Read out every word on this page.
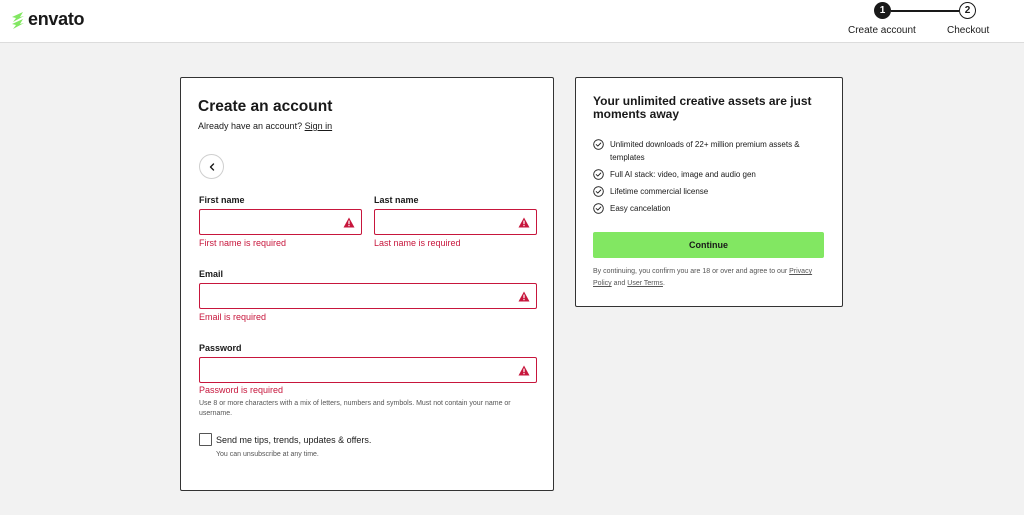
envato	1	2
Create account	Checkout
Create an account
Already have an account? Sign in
First name
First name is required
Last name
Last name is required
Email
Email is required
Password
Password is required
Use 8 or more characters with a mix of letters, numbers and symbols. Must not contain your name or username.
Send me tips, trends, updates & offers.
You can unsubscribe at any time.
Your unlimited creative assets are just moments away
Unlimited downloads of 22+ million premium assets & templates
Full AI stack: video, image and audio gen
Lifetime commercial license
Easy cancelation
Continue
By continuing, you confirm you are 18 or over and agree to our Privacy Policy and User Terms.
